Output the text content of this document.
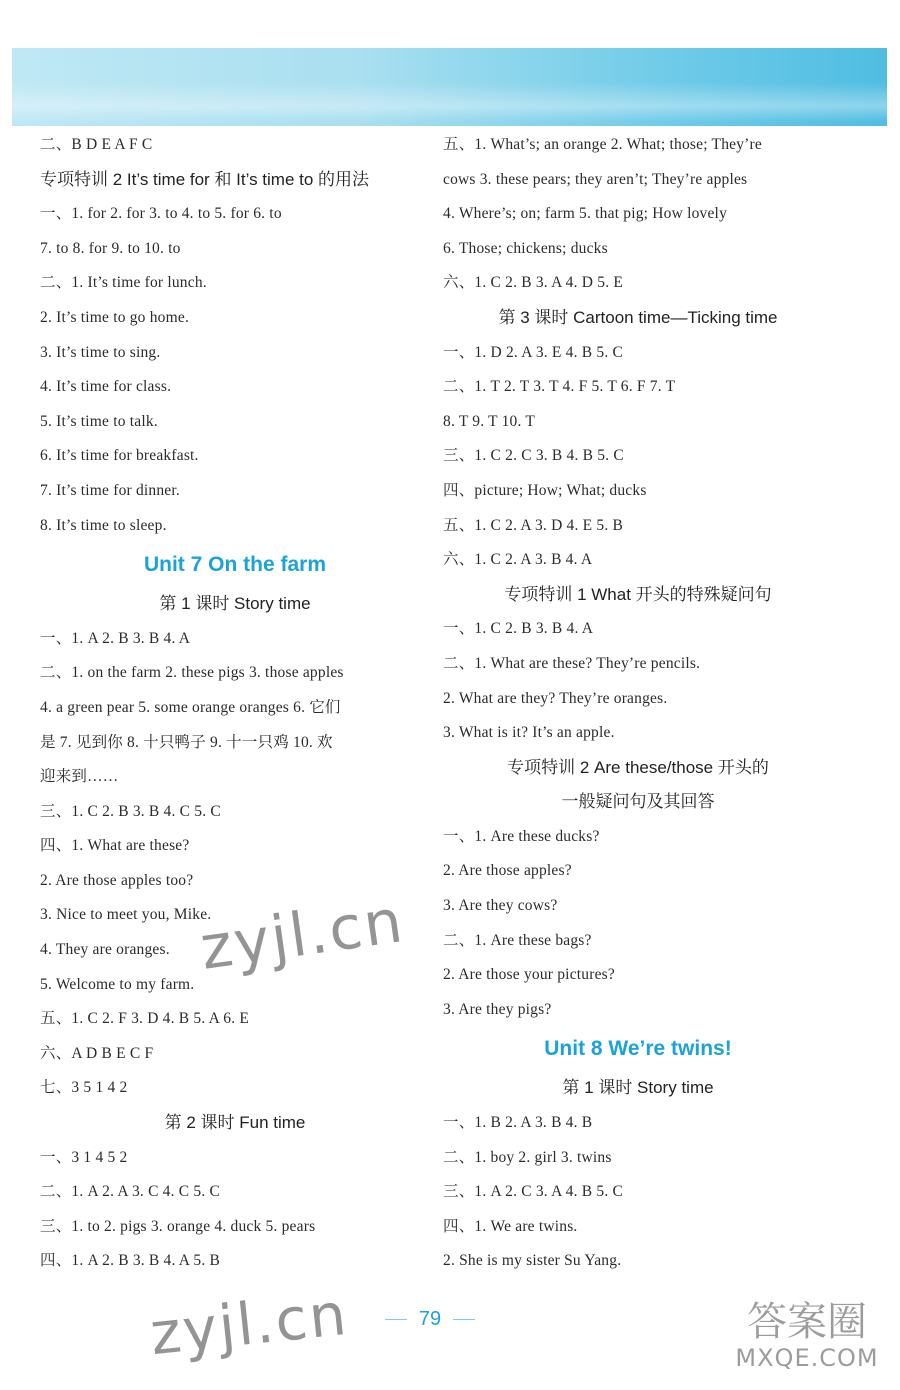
二、B D E A F C
专项特训 2 It’s time for 和 It’s time to 的用法
一、1. for 2. for 3. to 4. to 5. for 6. to
7. to 8. for 9. to 10. to
二、1. It’s time for lunch.
2. It’s time to go home.
3. It’s time to sing.
4. It’s time for class.
5. It’s time to talk.
6. It’s time for breakfast.
7. It’s time for dinner.
8. It’s time to sleep.
Unit 7 On the farm
第 1 课时 Story time
一、1. A 2. B 3. B 4. A
二、1. on the farm 2. these pigs 3. those apples
4. a green pear 5. some orange oranges 6. 它们
是 7. 见到你 8. 十只鸭子 9. 十一只鸡 10. 欢
迎来到……
三、1. C 2. B 3. B 4. C 5. C
四、1. What are these?
2. Are those apples too?
3. Nice to meet you, Mike.
4. They are oranges.
5. Welcome to my farm.
五、1. C 2. F 3. D 4. B 5. A 6. E
六、A D B E C F
七、3 5 1 4 2
第 2 课时 Fun time
一、3 1 4 5 2
二、1. A 2. A 3. C 4. C 5. C
三、1. to 2. pigs 3. orange 4. duck 5. pears
四、1. A 2. B 3. B 4. A 5. B
五、1. What’s; an orange 2. What; those; They’re
cows 3. these pears; they aren’t; They’re apples
4. Where’s; on; farm 5. that pig; How lovely
6. Those; chickens; ducks
六、1. C 2. B 3. A 4. D 5. E
第 3 课时 Cartoon time—Ticking time
一、1. D 2. A 3. E 4. B 5. C
二、1. T 2. T 3. T 4. F 5. T 6. F 7. T
8. T 9. T 10. T
三、1. C 2. C 3. B 4. B 5. C
四、picture; How; What; ducks
五、1. C 2. A 3. D 4. E 5. B
六、1. C 2. A 3. B 4. A
专项特训 1 What 开头的特殊疑问句
一、1. C 2. B 3. B 4. A
二、1. What are these? They’re pencils.
2. What are they? They’re oranges.
3. What is it? It’s an apple.
专项特训 2 Are these/those 开头的
一般疑问句及其回答
一、1. Are these ducks?
2. Are those apples?
3. Are they cows?
二、1. Are these bags?
2. Are those your pictures?
3. Are they pigs?
Unit 8 We’re twins!
第 1 课时 Story time
一、1. B 2. A 3. B 4. B
二、1. boy 2. girl 3. twins
三、1. A 2. C 3. A 4. B 5. C
四、1. We are twins.
2. She is my sister Su Yang.
zyjl.cn
zyjl.cn	答案圈
MXQE.COM
79
